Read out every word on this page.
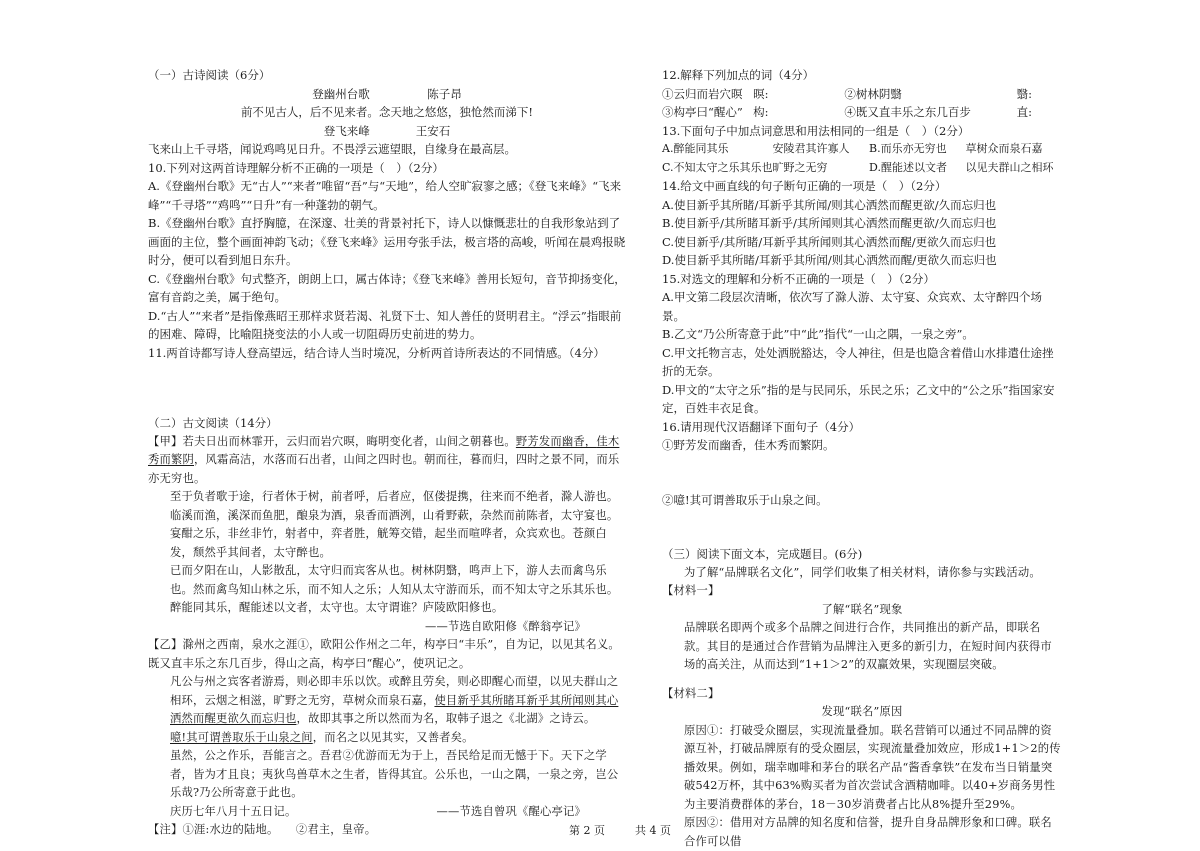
（一）古诗阅读（6分）
登幽州台歌　　　　　陈子昂
前不见古人，后不见来者。念天地之悠悠，独怆然而涕下!
登飞来峰　　　　王安石
飞来山上千寻塔，闻说鸡鸣见日升。不畏浮云遮望眼，自缘身在最高层。
10.下列对这两首诗理解分析不正确的一项是（　）（2分）
A.《登幽州台歌》无“古人”“来者”唯留“吾”与“天地”，给人空旷寂寥之感；《登飞来峰》“飞来峰”“千寻塔”“鸡鸣”“日升”有一种蓬勃的朝气。
B.《登幽州台歌》直抒胸臆，在深邃、壮美的背景衬托下，诗人以慷慨悲壮的自我形象站到了画面的主位，整个画面神韵飞动；《登飞来峰》运用夸张手法，极言塔的高峻，听闻在晨鸡报晓时分，便可以看到旭日东升。
C.《登幽州台歌》句式整齐，朗朗上口，属古体诗；《登飞来峰》善用长短句，音节抑扬变化，富有音韵之美，属于绝句。
D.“古人”“来者”是指像燕昭王那样求贤若渴、礼贤下士、知人善任的贤明君主。“浮云”指眼前的困难、障碍，比喻阻挠变法的小人或一切阻碍历史前进的势力。
11.两首诗都写诗人登高望远，结合诗人当时境况，分析两首诗所表达的不同情感。（4分）
（二）古文阅读（14分）
【甲】若夫日出而林霏开，云归而岩穴暝，晦明变化者，山间之朝暮也。野芳发而幽香，佳木秀而繁阴，风霜高洁，水落而石出者，山间之四时也。朝而往，暮而归，四时之景不同，而乐亦无穷也。
至于负者歌于途，行者休于树，前者呼，后者应，伛偻提携，往来而不绝者，滁人游也。临溪而渔，溪深而鱼肥，酿泉为酒，泉香而酒洌，山肴野蔌，杂然而前陈者，太守宴也。宴酣之乐，非丝非竹，射者中，弈者胜，觥筹交错，起坐而喧哗者，众宾欢也。苍颜白发，颓然乎其间者，太守醉也。
已而夕阳在山，人影散乱，太守归而宾客从也。树林阴翳，鸣声上下，游人去而禽鸟乐也。然而禽鸟知山林之乐，而不知人之乐；人知从太守游而乐，而不知太守之乐其乐也。醉能同其乐，醒能述以文者，太守也。太守谓谁？庐陵欧阳修也。
——节选自欧阳修《醉翁亭记》
【乙】滁州之西南，泉水之涯①，欧阳公作州之二年，构亭曰“丰乐”，自为记，以见其名义。既又直丰乐之东几百步，得山之高，构亭曰“醒心”，使巩记之。
凡公与州之宾客者游焉，则必即丰乐以饮。或醉且劳矣，则必即醒心而望，以见夫群山之相环，云烟之相滋，旷野之无穷，草树众而泉石嘉，使目新乎其所睹耳新乎其所闻则其心洒然而醒更欲久而忘归也，故即其事之所以然而为名，取韩子退之《北湖》之诗云。
噫!其可谓善取乐于山泉之间，而名之以见其实，又善者矣。
虽然，公之作乐，吾能言之。吾君②优游而无为于上，吾民给足而无憾于下。天下之学者，皆为才且良；夷狄鸟兽草木之生者，皆得其宜。公乐也，一山之隅，一泉之旁，岂公乐哉?乃公所寄意于此也。
庆历七年八月十五日记。	——节选自曾巩《醒心亭记》
【注】①涯:水边的陆地。　　②君主，皇帝。
12.解释下列加点的词（4分）
①云归而岩穴暝 暝:	②树林阴翳	翳:
③构亭曰“醒心” 构:	④既又直丰乐之东几百步	直:
13.下面句子中加点词意思和用法相同的一组是（　）（2分）
A.醉能同其乐	安陵君其许寡人	B.而乐亦无穷也	草树众而泉石嘉
C.不知太守之乐其乐也 旷野之无穷	D.醒能述以文者	以见夫群山之相环
14.给文中画直线的句子断句正确的一项是（　）（2分）
A.使目新乎其所睹/耳新乎其所闻/则其心洒然而醒更欲/久而忘归也
B.使目新乎/其所睹耳新乎/其所闻则其心洒然而醒更欲/久而忘归也
C.使目新乎/其所睹/耳新乎其所闻则其心洒然而醒/更欲久而忘归也
D.使目新乎其所睹/耳新乎其所闻/则其心洒然而醒/更欲久而忘归也
15.对选文的理解和分析不正确的一项是（　）（2分）
A.甲文第二段层次清晰，依次写了滁人游、太守宴、众宾欢、太守醉四个场景。
B.乙文“乃公所寄意于此”中“此”指代“一山之隅，一泉之旁”。
C.甲文托物言志，处处洒脱豁达，令人神往，但是也隐含着借山水排遣仕途挫折的无奈。
D.甲文的“太守之乐”指的是与民同乐，乐民之乐；乙文中的“公之乐”指国家安定，百姓丰衣足食。
16.请用现代汉语翻译下面句子（4分）
①野芳发而幽香，佳木秀而繁阴。
②噫!其可谓善取乐于山泉之间。
（三）阅读下面文本，完成题目。(6分)
为了解“品牌联名文化”，同学们收集了相关材料，请你参与实践活动。
【材料一】
了解“联名”现象
品牌联名即两个或多个品牌之间进行合作，共同推出的新产品，即联名款。其目的是通过合作营销为品牌注入更多的新引力，在短时间内获得市场的高关注，从而达到“1+1＞2”的双赢效果，实现圈层突破。
【材料二】
发现“联名”原因
原因①：打破受众圈层，实现流量叠加。联名营销可以通过不同品牌的资源互补，打破品牌原有的受众圈层，实现流量叠加效应，形成1+1＞2的传播效果。例如，瑞幸咖啡和茅台的联名产品“酱香拿铁”在发布当日销量突破542万杯，其中63%购买者为首次尝试含酒精咖啡。以40+岁商务男性为主要消费群体的茅台，18－30岁消费者占比从8%提升至29%。
原因②：借用对方品牌的知名度和信誉，提升自身品牌形象和口碑。联名合作可以借
第 2 页	共 4 页
